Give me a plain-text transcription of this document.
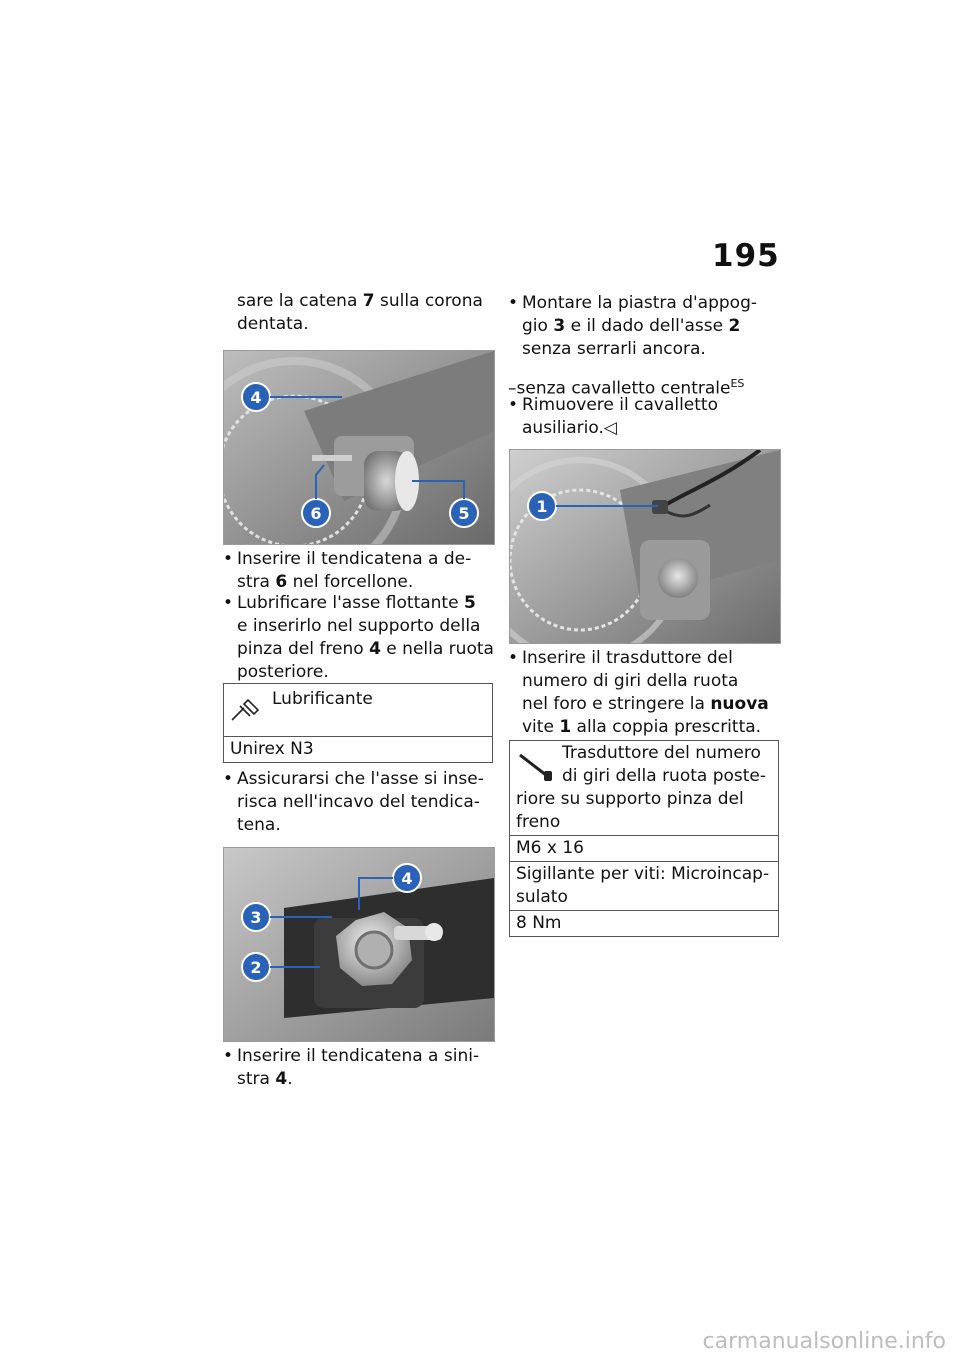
195
sare la catena 7 sulla corona
dentata.
4
6	5
• Inserire il tendicatena a de-
stra 6 nel forcellone.
• Lubrificare l'asse flottante 5
e inserirlo nel supporto della
pinza del freno 4 e nella ruota
posteriore.
Lubrificante
Unirex N3
• Assicurarsi che l'asse si inse-
risca nell'incavo del tendica-
tena.
4
3
2
• Inserire il tendicatena a sini-
stra 4.
• Montare la piastra d'appog-
gio 3 e il dado dell'asse 2
senza serrarli ancora.
–senza cavalletto centrale$^{ES}$
• Rimuovere il cavalletto
ausiliario.◁
1
• Inserire il trasduttore del
numero di giri della ruota
nel foro e stringere la nuova
vite 1 alla coppia prescritta.
Trasduttore del numero
di giri della ruota poste-
riore su supporto pinza del
freno
M6 x 16
Sigillante per viti: Microincap-
sulato
8 Nm
carmanualsonline.info
